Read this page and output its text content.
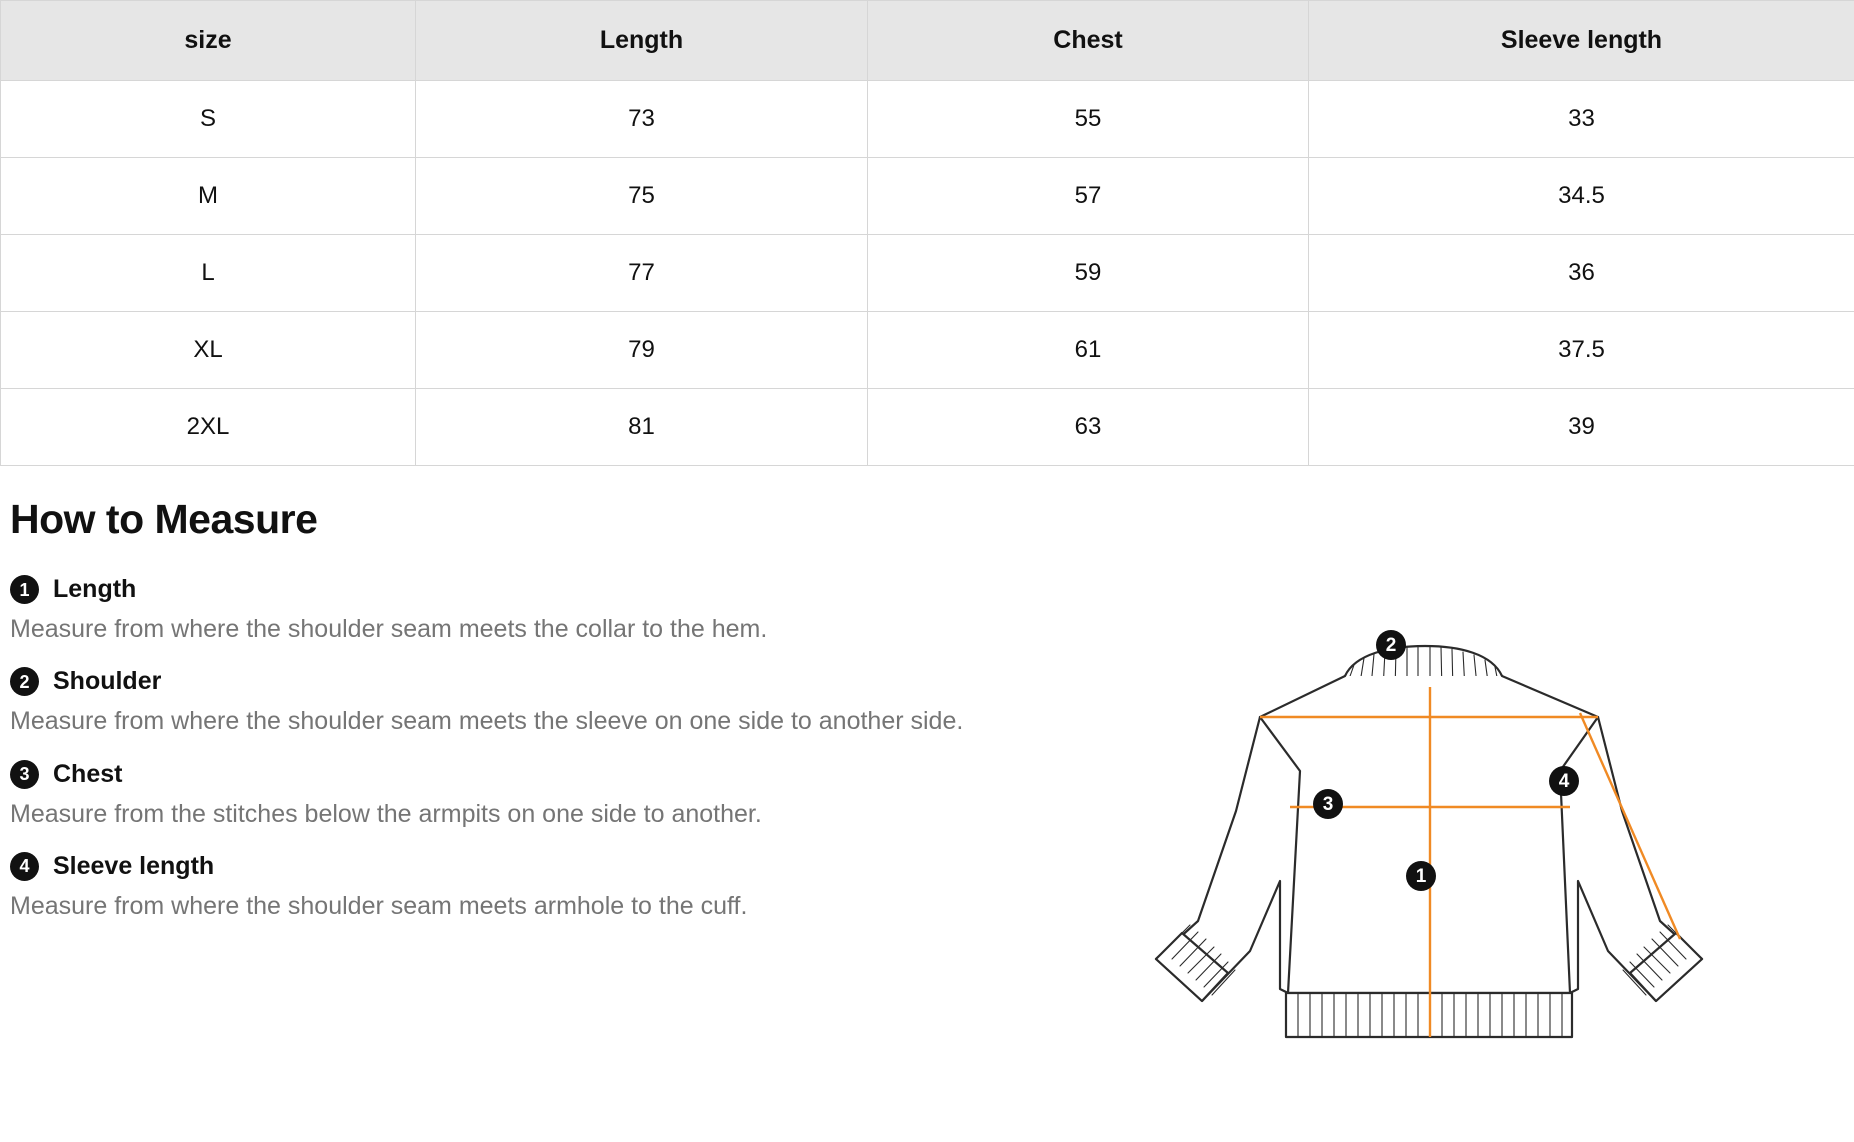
size	Length	Chest	Sleeve length
S	73	55	33
M	75	57	34.5
L	77	59	36
XL	79	61	37.5
2XL	81	63	39
How to Measure
1 Length

Measure from where the shoulder seam meets the collar to the hem.

2 Shoulder

Measure from where the shoulder seam meets the sleeve on one side to another side.

3 Chest

Measure from the stitches below the armpits on one side to another.

4 Sleeve length

Measure from where the shoulder seam meets armhole to the cuff.

1
2
3
4
